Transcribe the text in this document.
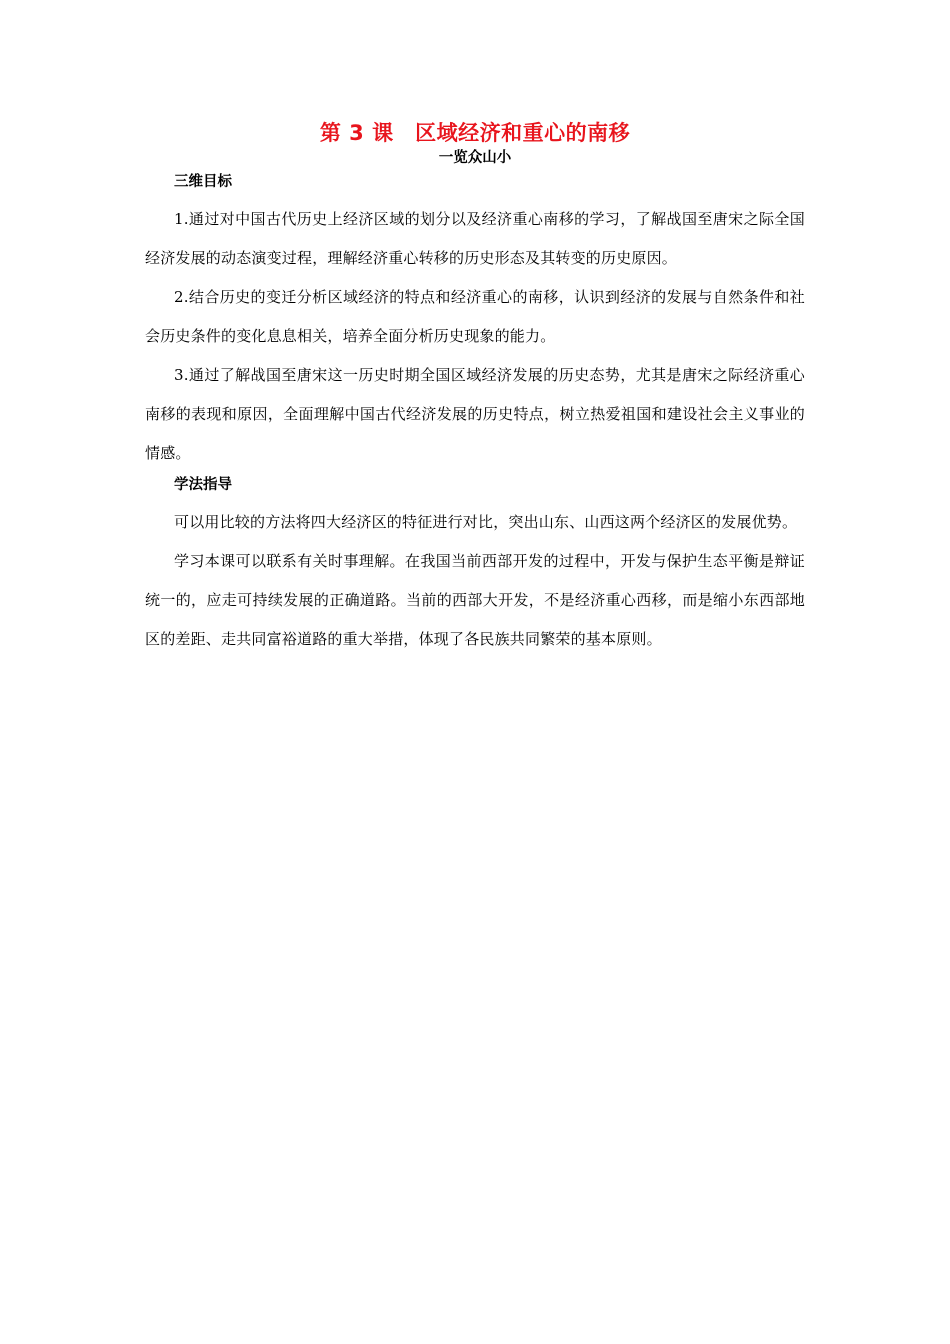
第 3 课　区域经济和重心的南移
一览众山小
三维目标

1.通过对中国古代历史上经济区域的划分以及经济重心南移的学习，了解战国至唐宋之际全国经济发展的动态演变过程，理解经济重心转移的历史形态及其转变的历史原因。

2.结合历史的变迁分析区域经济的特点和经济重心的南移，认识到经济的发展与自然条件和社会历史条件的变化息息相关，培养全面分析历史现象的能力。

3.通过了解战国至唐宋这一历史时期全国区域经济发展的历史态势，尤其是唐宋之际经济重心南移的表现和原因，全面理解中国古代经济发展的历史特点，树立热爱祖国和建设社会主义事业的情感。

学法指导

可以用比较的方法将四大经济区的特征进行对比，突出山东、山西这两个经济区的发展优势。

学习本课可以联系有关时事理解。在我国当前西部开发的过程中，开发与保护生态平衡是辩证统一的，应走可持续发展的正确道路。当前的西部大开发，不是经济重心西移，而是缩小东西部地区的差距、走共同富裕道路的重大举措，体现了各民族共同繁荣的基本原则。
